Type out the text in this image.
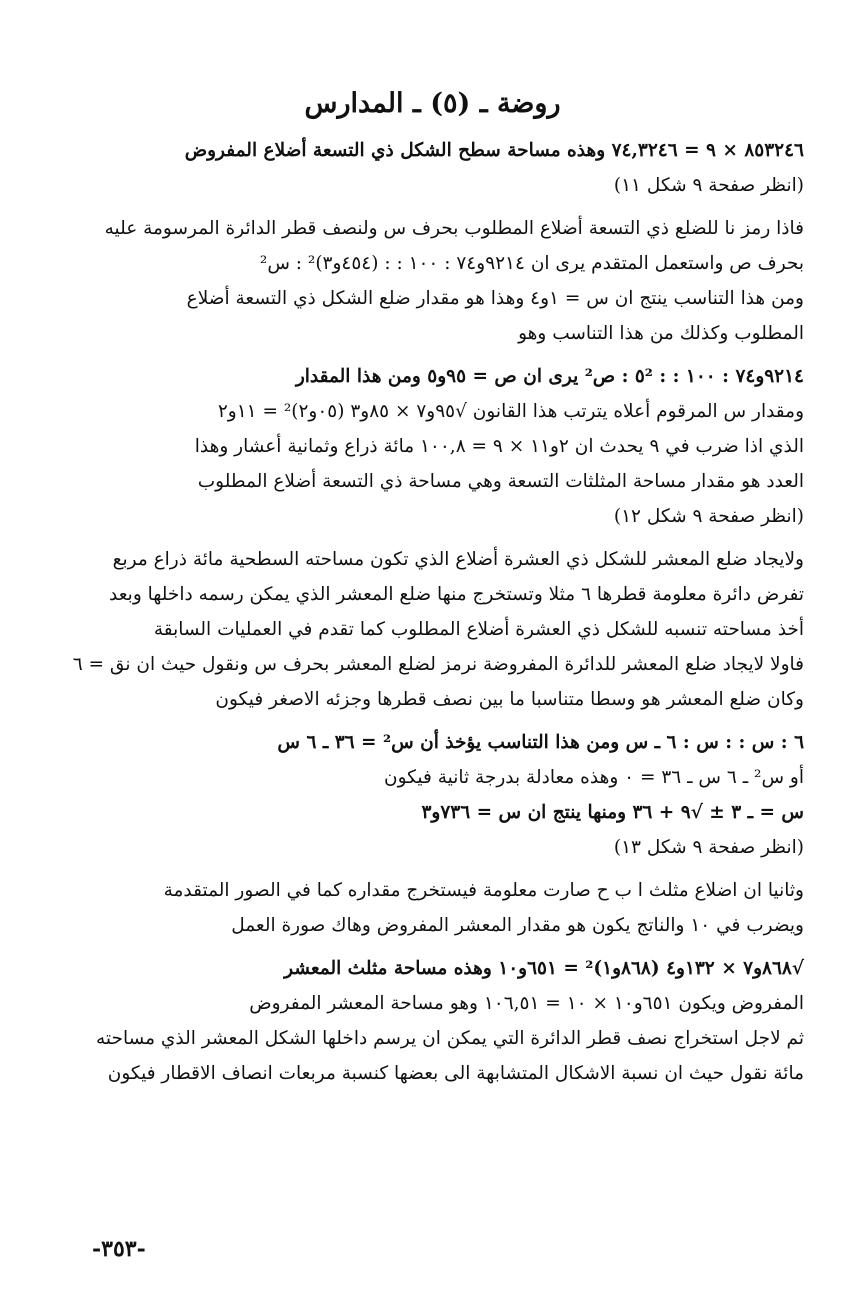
روضة ـ (٥) ـ المدارس
٨٥٣٢٤٦ × ٩ = ٧٤,٣٢٤٦ وهذه مساحة سطح الشكل ذي التسعة أضلاع المفروض
(انظر صفحة ٩ شكل ١١)
فاذا رمز نا للضلع ذي التسعة أضلاع المطلوب بحرف س ولنصف قطر الدائرة المرسومة عليه
بحرف ص واستعمل المتقدم يرى ان ٩٢١٤و٧٤ : ١٠٠ : : (٤٥٤و٣)² : س²
ومن هذا التناسب ينتج ان س = ١و٤ وهذا هو مقدار ضلع الشكل ذي التسعة أضلاع
المطلوب وكذلك من هذا التناسب وهو
٩٢١٤و٧٤ : ١٠٠ : : ٥² : ص² يرى ان ص = ٩٥و٥ ومن هذا المقدار
ومقدار س المرقوم أعلاه يترتب هذا القانون √٩٥و٧ × ٨٥و٣ (٠٥و٢)² = ١١و٢
الذي اذا ضرب في ٩ يحدث ان ٢و١١ × ٩ = ١٠٠,٨ مائة ذراع وثمانية أعشار وهذا
العدد هو مقدار مساحة المثلثات التسعة وهي مساحة ذي التسعة أضلاع المطلوب
(انظر صفحة ٩ شكل ١٢)
ولايجاد ضلع المعشر للشكل ذي العشرة أضلاع الذي تكون مساحته السطحية مائة ذراع مربع
تفرض دائرة معلومة قطرها ٦ مثلا وتستخرج منها ضلع المعشر الذي يمكن رسمه داخلها وبعد
أخذ مساحته تنسبه للشكل ذي العشرة أضلاع المطلوب كما تقدم في العمليات السابقة
فاولا لايجاد ضلع المعشر للدائرة المفروضة نرمز لضلع المعشر بحرف س ونقول حيث ان نق = ٦
وكان ضلع المعشر هو وسطا متناسبا ما بين نصف قطرها وجزئه الاصغر فيكون
٦ : س : : س : ٦ ـ س ومن هذا التناسب يؤخذ أن س² = ٣٦ ـ ٦ س
أو س² ـ ٦ س ـ ٣٦ = ٠ وهذه معادلة بدرجة ثانية فيكون
س = ـ ٣ ± √٩ + ٣٦ ومنها ينتج ان س = ٧٣٦و٣
(انظر صفحة ٩ شكل ١٣)
وثانيا ان اضلاع مثلث ا ب ح صارت معلومة فيستخرج مقداره كما في الصور المتقدمة
ويضرب في ١٠ والناتج يكون هو مقدار المعشر المفروض وهاك صورة العمل
√٨٦٨و٧ × ١٣٢و٤ (٨٦٨و١)² = ٦٥١و١٠ وهذه مساحة مثلث المعشر
المفروض ويكون ٦٥١و١٠ × ١٠ = ١٠٦,٥١ وهو مساحة المعشر المفروض
ثم لاجل استخراج نصف قطر الدائرة التي يمكن ان يرسم داخلها الشكل المعشر الذي مساحته
مائة نقول حيث ان نسبة الاشكال المتشابهة الى بعضها كنسبة مربعات انصاف الاقطار فيكون
-٣٥٣-
